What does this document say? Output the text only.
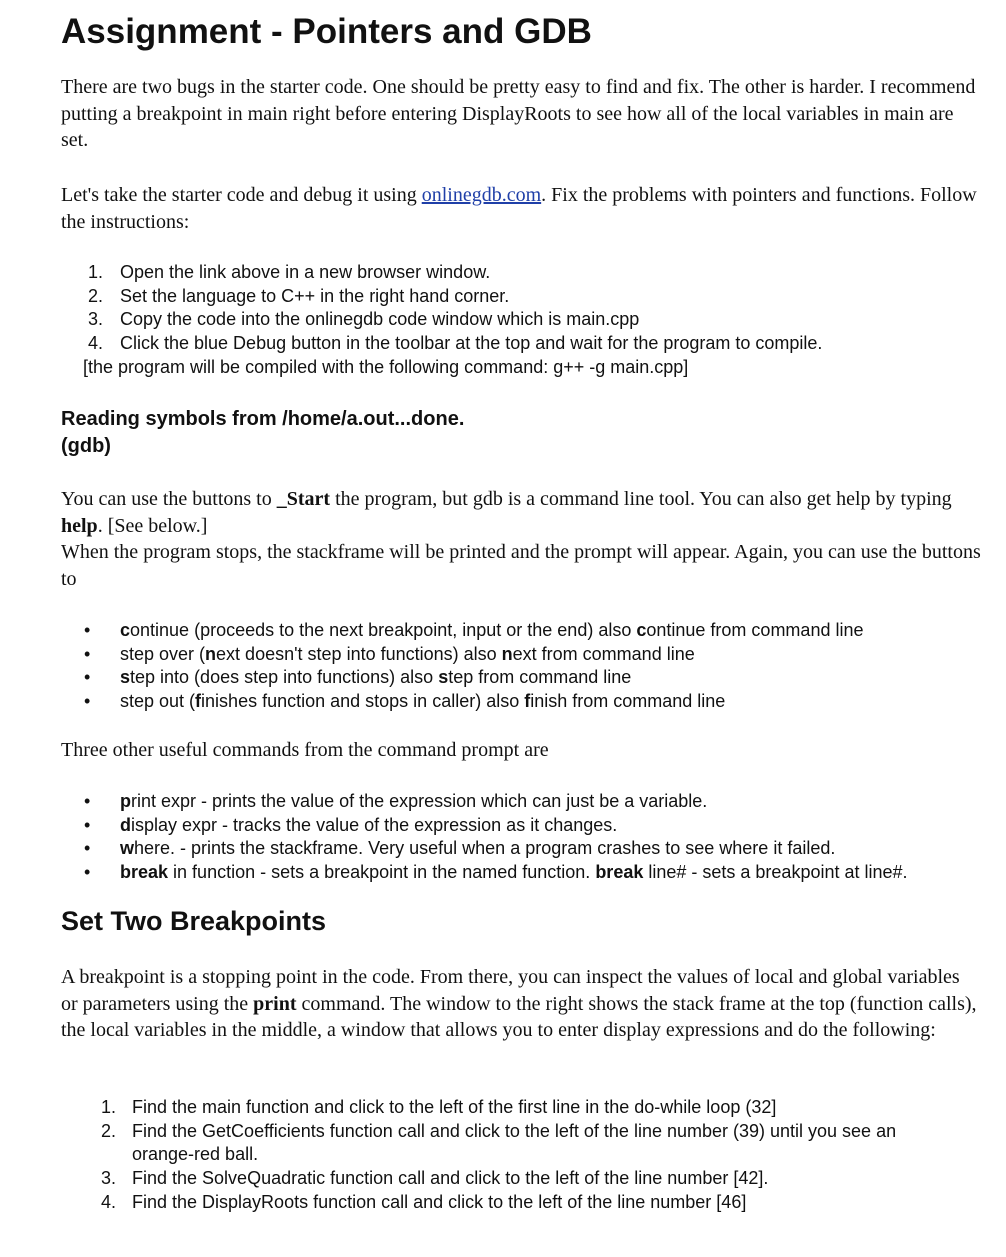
Assignment - Pointers and GDB

There are two bugs in the starter code. One should be pretty easy to find and fix. The other is harder. I recommend putting a breakpoint in main right before entering DisplayRoots to see how all of the local variables in main are set.

Let's take the starter code and debug it using onlinegdb.com. Fix the problems with pointers and functions. Follow the instructions:

1. Open the link above in a new browser window.
2. Set the language to C++ in the right hand corner.
3. Copy the code into the onlinegdb code window which is main.cpp
4. Click the blue Debug button in the toolbar at the top and wait for the program to compile.
[the program will be compiled with the following command: g++ -g main.cpp]
Reading symbols from /home/a.out...done.
(gdb)

You can use the buttons to _Start the program, but gdb is a command line tool. You can also get help by typing help. [See below.]
When the program stops, the stackframe will be printed and the prompt will appear. Again, you can use the buttons to

• continue (proceeds to the next breakpoint, input or the end) also continue from command line
• step over (next doesn't step into functions) also next from command line
• step into (does step into functions) also step from command line
• step out (finishes function and stops in caller) also finish from command line

Three other useful commands from the command prompt are

• print expr - prints the value of the expression which can just be a variable.
• display expr - tracks the value of the expression as it changes.
• where. - prints the stackframe. Very useful when a program crashes to see where it failed.
• break in function - sets a breakpoint in the named function. break line# - sets a breakpoint at line#.
Set Two Breakpoints

A breakpoint is a stopping point in the code. From there, you can inspect the values of local and global variables or parameters using the print command. The window to the right shows the stack frame at the top (function calls), the local variables in the middle, a window that allows you to enter display expressions and do the following:

1. Find the main function and click to the left of the first line in the do-while loop (32]
2. Find the GetCoefficients function call and click to the left of the line number (39) until you see an
orange-red ball.
3. Find the SolveQuadratic function call and click to the left of the line number [42].
4. Find the DisplayRoots function call and click to the left of the line number [46]
